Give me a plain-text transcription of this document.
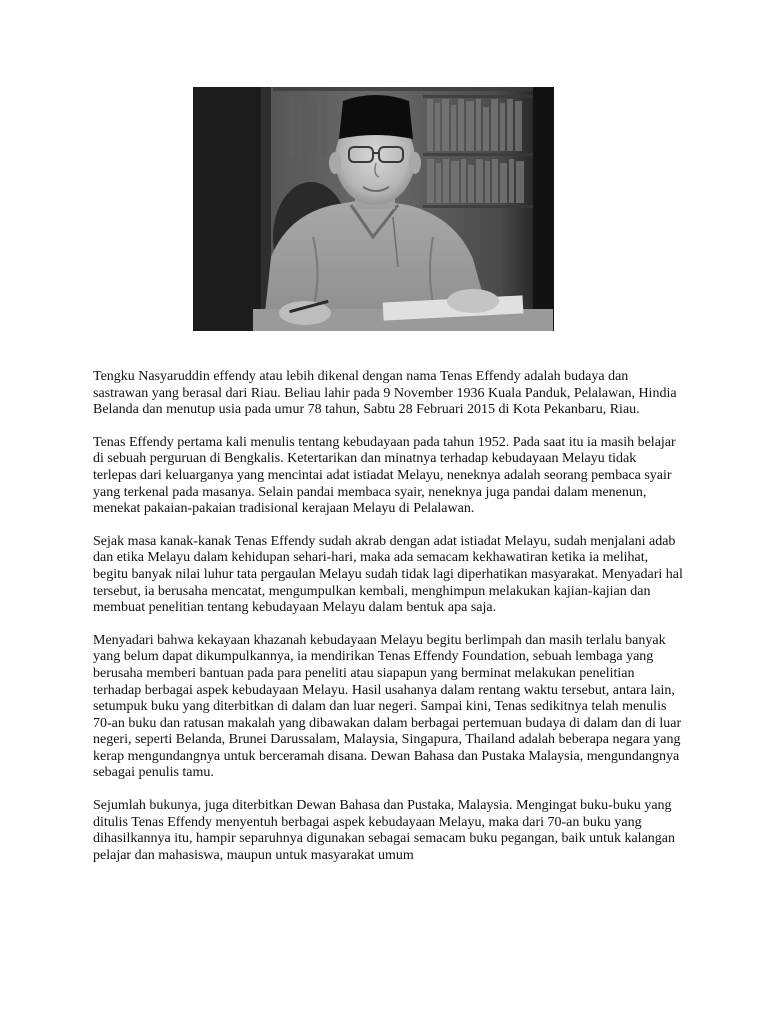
Tengku Nasyaruddin effendy atau lebih dikenal dengan nama Tenas Effendy adalah budaya dan sastrawan yang berasal dari Riau. Beliau lahir pada 9 November 1936 Kuala Panduk, Pelalawan, Hindia Belanda dan menutup usia pada umur 78 tahun, Sabtu 28 Februari 2015 di Kota Pekanbaru, Riau.

Tenas Effendy pertama kali menulis tentang kebudayaan pada tahun 1952. Pada saat itu ia masih belajar di sebuah perguruan di Bengkalis. Ketertarikan dan minatnya terhadap kebudayaan Melayu tidak terlepas dari keluarganya yang mencintai adat istiadat Melayu, neneknya adalah seorang pembaca syair yang terkenal pada masanya. Selain pandai membaca syair, neneknya juga pandai dalam menenun, menekat pakaian-pakaian tradisional kerajaan Melayu di Pelalawan.

Sejak masa kanak-kanak Tenas Effendy sudah akrab dengan adat istiadat Melayu, sudah menjalani adab dan etika Melayu dalam kehidupan sehari-hari, maka ada semacam kekhawatiran ketika ia melihat, begitu banyak nilai luhur tata pergaulan Melayu sudah tidak lagi diperhatikan masyarakat. Menyadari hal tersebut, ia berusaha mencatat, mengumpulkan kembali, menghimpun melakukan kajian-kajian dan membuat penelitian tentang kebudayaan Melayu dalam bentuk apa saja.

Menyadari bahwa kekayaan khazanah kebudayaan Melayu begitu berlimpah dan masih terlalu banyak yang belum dapat dikumpulkannya, ia mendirikan Tenas Effendy Foundation, sebuah lembaga yang berusaha memberi bantuan pada para peneliti atau siapapun yang berminat melakukan penelitian terhadap berbagai aspek kebudayaan Melayu. Hasil usahanya dalam rentang waktu tersebut, antara lain, setumpuk buku yang diterbitkan di dalam dan luar negeri. Sampai kini, Tenas sedikitnya telah menulis 70-an buku dan ratusan makalah yang dibawakan dalam berbagai pertemuan budaya di dalam dan di luar negeri, seperti Belanda, Brunei Darussalam, Malaysia, Singapura, Thailand adalah beberapa negara yang kerap mengundangnya untuk berceramah disana. Dewan Bahasa dan Pustaka Malaysia, mengundangnya sebagai penulis tamu.

Sejumlah bukunya, juga diterbitkan Dewan Bahasa dan Pustaka, Malaysia. Mengingat buku-buku yang ditulis Tenas Effendy menyentuh berbagai aspek kebudayaan Melayu, maka dari 70-an buku yang dihasilkannya itu, hampir separuhnya digunakan sebagai semacam buku pegangan, baik untuk kalangan pelajar dan mahasiswa, maupun untuk masyarakat umum
